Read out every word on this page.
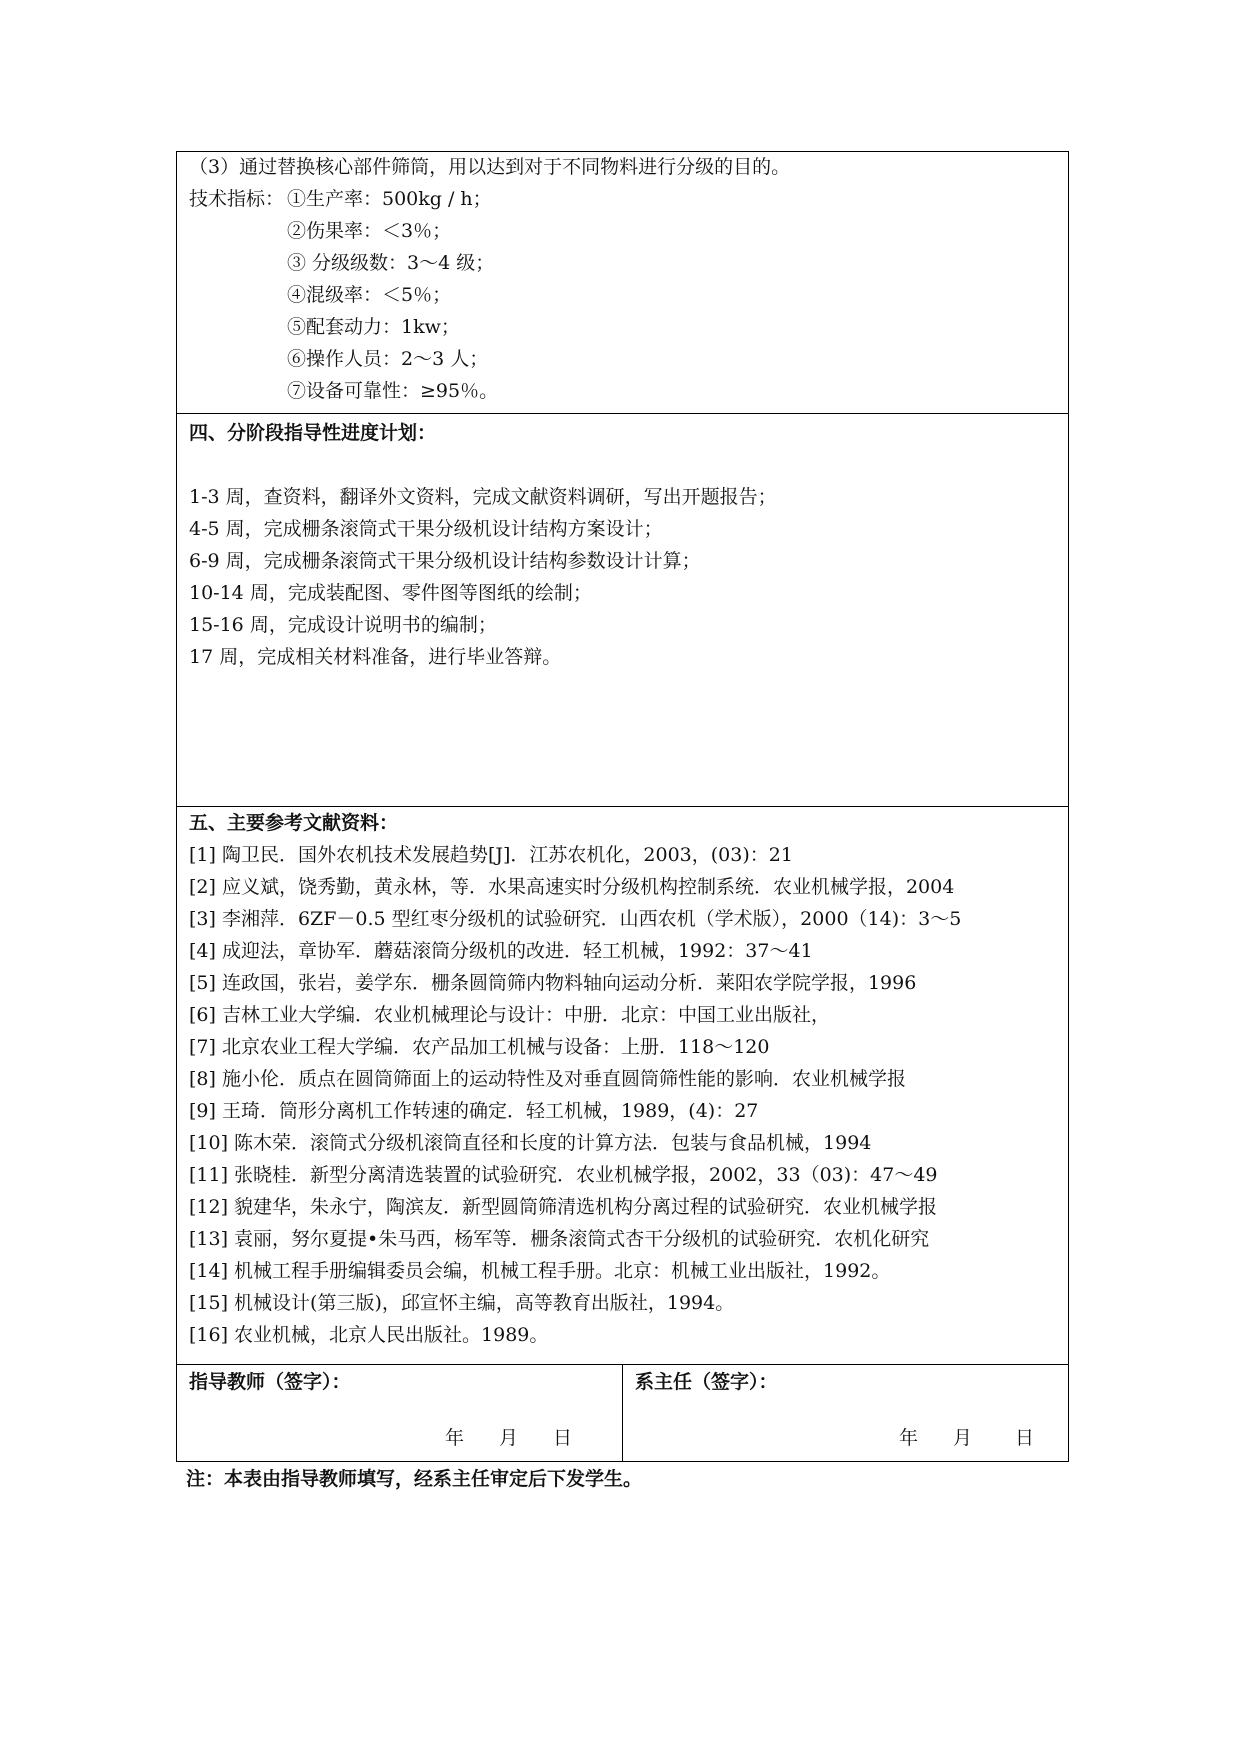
（3）通过替换核心部件筛筒，用以达到对于不同物料进行分级的目的。
技术指标： ①生产率：500kg / h；
②伤果率：＜3％；
③ 分级级数：3～4 级；
④混级率：＜5％；
⑤配套动力：1kw；
⑥操作人员：2～3 人；
⑦设备可靠性：≥95％。
四、分阶段指导性进度计划：
1-3 周，查资料，翻译外文资料，完成文献资料调研，写出开题报告；
4-5 周，完成栅条滚筒式干果分级机设计结构方案设计；
6-9 周，完成栅条滚筒式干果分级机设计结构参数设计计算；
10-14 周，完成装配图、零件图等图纸的绘制；
15-16 周，完成设计说明书的编制；
17 周，完成相关材料准备，进行毕业答辩。
五、主要参考文献资料：
[1] 陶卫民．国外农机技术发展趋势[J]．江苏农机化，2003，(03)：21
[2] 应义斌，饶秀勤，黄永林，等．水果高速实时分级机构控制系统．农业机械学报，2004
[3] 李湘萍．6ZF－0.5 型红枣分级机的试验研究．山西农机（学术版），2000（14)：3～5
[4] 成迎法，章协军．蘑菇滚筒分级机的改进．轻工机械，1992：37～41
[5] 连政国，张岩，姜学东．栅条圆筒筛内物料轴向运动分析．莱阳农学院学报，1996
[6] 吉林工业大学编．农业机械理论与设计：中册．北京：中国工业出版社，
[7] 北京农业工程大学编．农产品加工机械与设备：上册．118～120
[8] 施小伦．质点在圆筒筛面上的运动特性及对垂直圆筒筛性能的影响．农业机械学报
[9] 王琦．筒形分离机工作转速的确定．轻工机械，1989，(4)：27
[10] 陈木荣．滚筒式分级机滚筒直径和长度的计算方法．包装与食品机械，1994
[11] 张晓桂．新型分离清选装置的试验研究．农业机械学报，2002，33（03)：47～49
[12] 貌建华，朱永宁，陶滨友．新型圆筒筛清选机构分离过程的试验研究．农业机械学报
[13] 袁丽，努尔夏提•朱马西，杨军等．栅条滚筒式杏干分级机的试验研究．农机化研究
[14] 机械工程手册编辑委员会编，机械工程手册。北京：机械工业出版社，1992。
[15] 机械设计(第三版)，邱宣怀主编，高等教育出版社，1994。
[16] 农业机械，北京人民出版社。1989。
指导教师（签字）：
年 月 日
系主任（签字）：
年 月 日
注：本表由指导教师填写，经系主任审定后下发学生。
